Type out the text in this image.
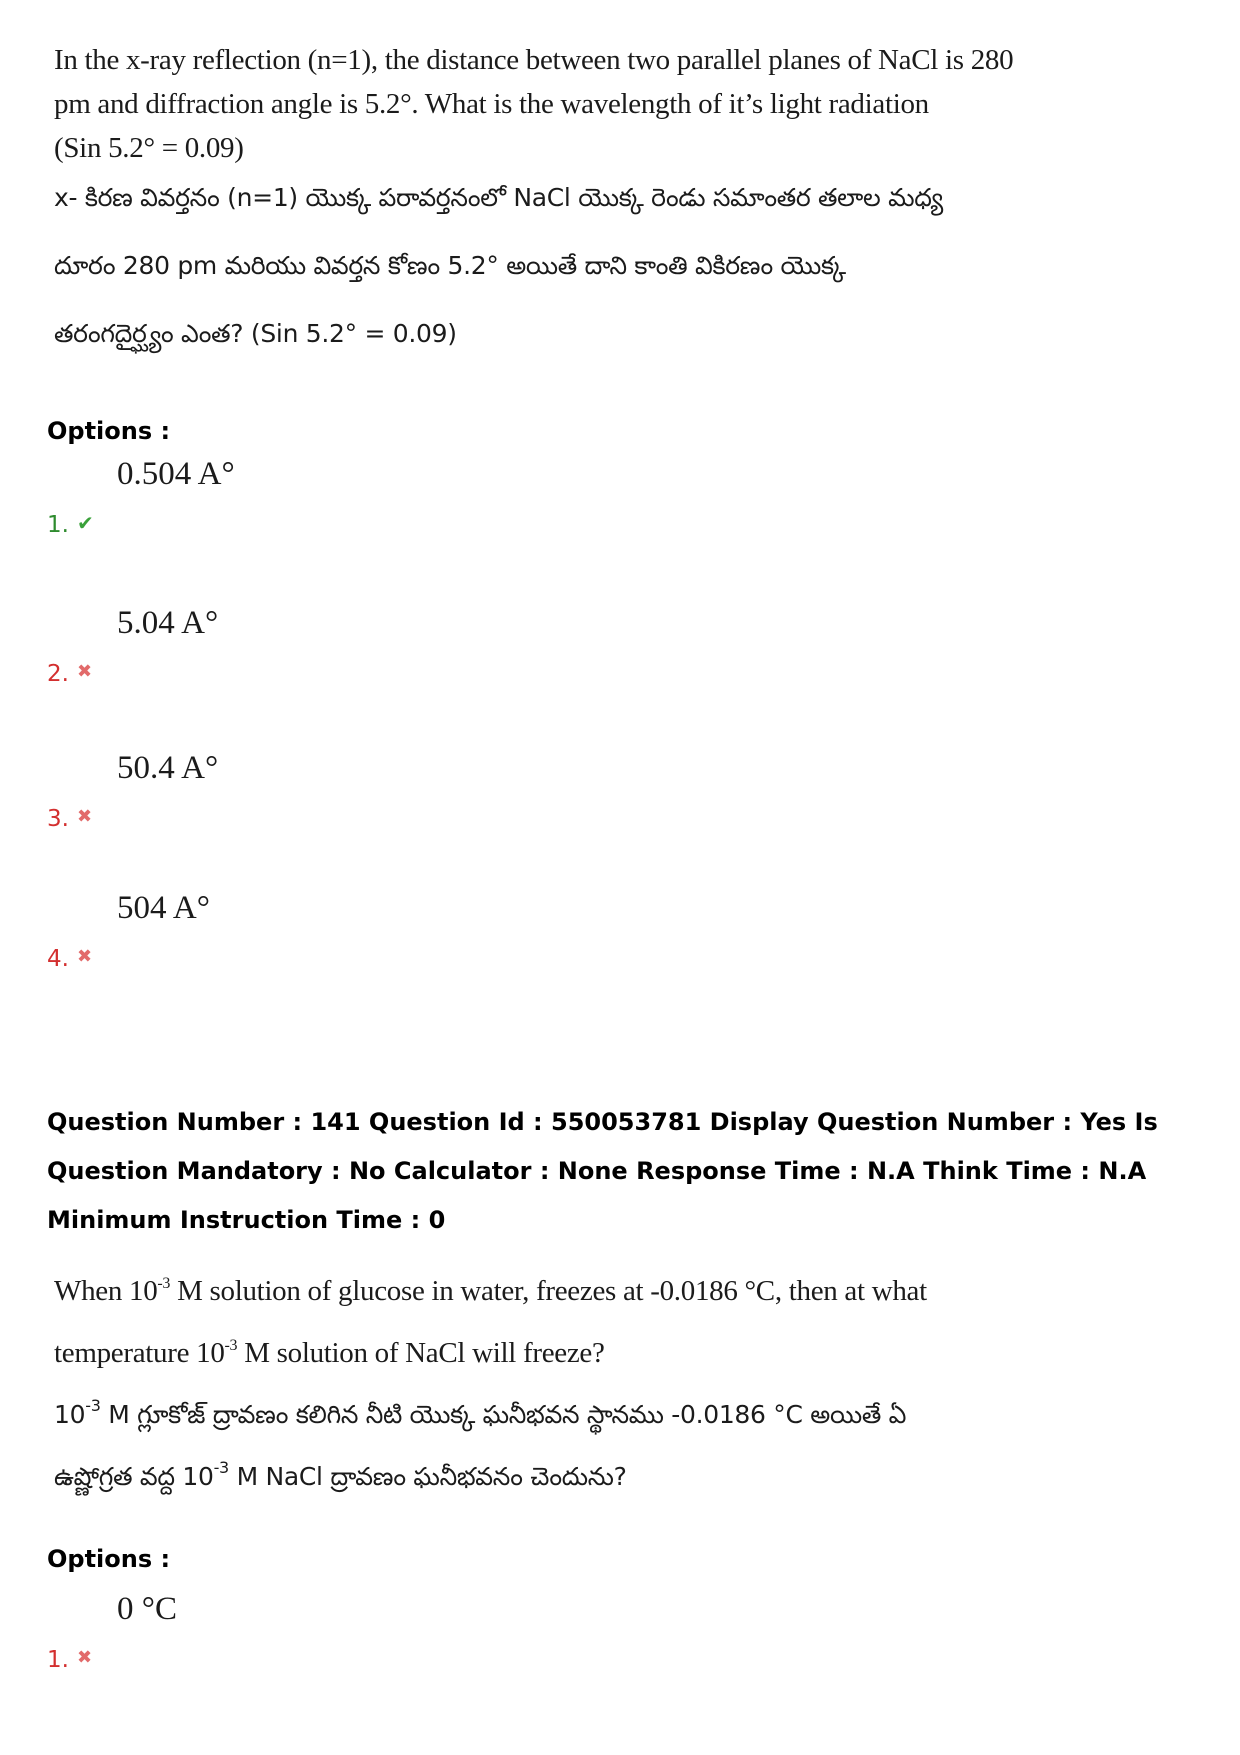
In the x-ray reflection (n=1), the distance between two parallel planes of NaCl is 280

pm and diffraction angle is 5.2°. What is the wavelength of it’s light radiation

(Sin 5.2° = 0.09)

x- కిరణ వివర్తనం (n=1) యొక్క పరావర్తనంలో NaCl యొక్క రెండు సమాంతర తలాల మధ్య

దూరం 280 pm మరియు వివర్తన కోణం 5.2° అయితే దాని కాంతి వికిరణం యొక్క

తరంగదైర్ఘ్యం ఎంత? (Sin 5.2° = 0.09)

Options :
1. ✔
0.504 A°
2. ✖
5.04 A°
3. ✖
50.4 A°
4. ✖
504 A°
Question Number : 141 Question Id : 550053781 Display Question Number : Yes Is Question Mandatory : No Calculator : None Response Time : N.A Think Time : N.A Minimum Instruction Time : 0

When $10^{-3}$ M solution of glucose in water, freezes at -0.0186 °C, then at what

temperature $10^{-3}$ M solution of NaCl will freeze?

$10^{-3}$ M గ్లూకోజ్ ద్రావణం కలిగిన నీటి యొక్క ఘనీభవన స్థానము -0.0186 °C అయితే ఏ

ఉష్ణోగ్రత వద్ద $10^{-3}$ M NaCl ద్రావణం ఘనీభవనం చెందును?

Options :
1. ✖
0 °C
